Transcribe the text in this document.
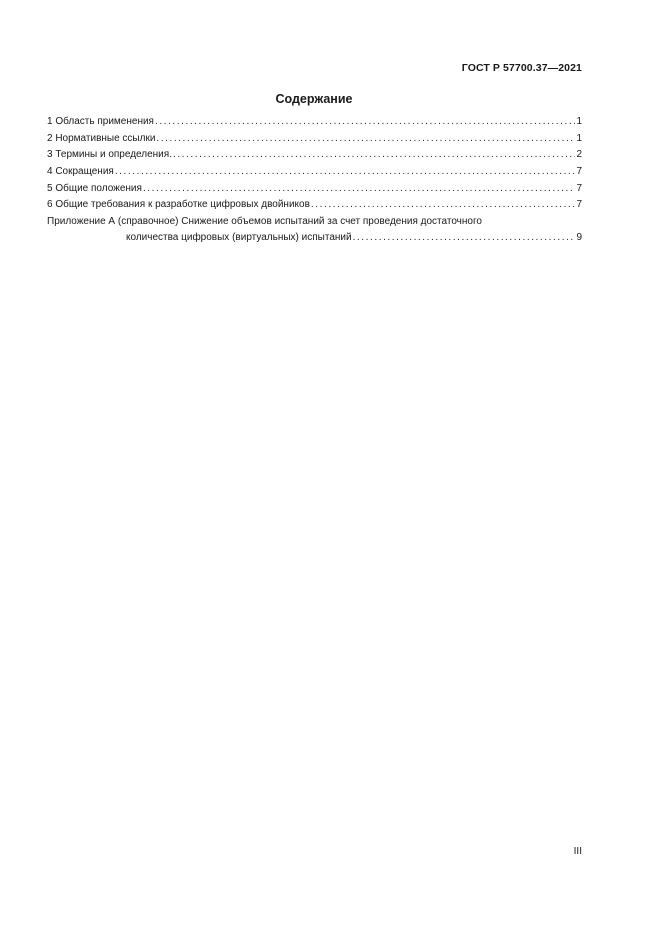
ГОСТ Р 57700.37—2021
Содержание
1 Область применения . . .	1
2 Нормативные ссылки . . .	1
3 Термины и определения. . . .	2
4 Сокращения . . .	7
5 Общие положения . . .	7
6 Общие требования к разработке цифровых двойников . . .	7
Приложение А (справочное) Снижение объемов испытаний за счет проведения достаточного
количества цифровых (виртуальных) испытаний . . .	9
III
